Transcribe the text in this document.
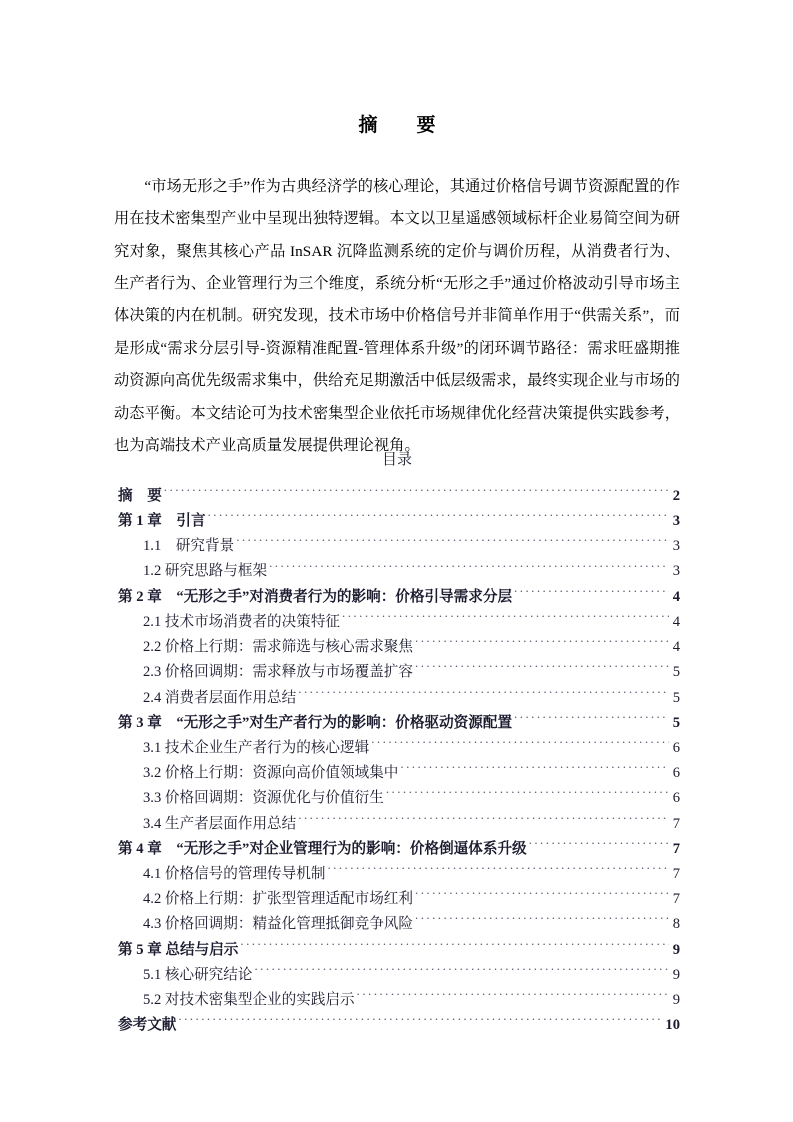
摘　要

“市场无形之手”作为古典经济学的核心理论，其通过价格信号调节资源配置的作用在技术密集型产业中呈现出独特逻辑。本文以卫星遥感领域标杆企业易简空间为研究对象，聚焦其核心产品 InSAR 沉降监测系统的定价与调价历程，从消费者行为、生产者行为、企业管理行为三个维度，系统分析“无形之手”通过价格波动引导市场主体决策的内在机制。研究发现，技术市场中价格信号并非简单作用于“供需关系”，而是形成“需求分层引导-资源精准配置-管理体系升级”的闭环调节路径：需求旺盛期推动资源向高优先级需求集中，供给充足期激活中低层级需求，最终实现企业与市场的动态平衡。本文结论可为技术密集型企业依托市场规律优化经营决策提供实践参考，也为高端技术产业高质量发展提供理论视角。

目录
摘　要 . . .	2
第 1 章　引言 . . .	3
1.1　研究背景 . . .	3
1.2 研究思路与框架 . . .	3
第 2 章　“无形之手”对消费者行为的影响：价格引导需求分层 . . .	4
2.1 技术市场消费者的决策特征 . . .	4
2.2 价格上行期：需求筛选与核心需求聚焦 . . .	4
2.3 价格回调期：需求释放与市场覆盖扩容 . . .	5
2.4 消费者层面作用总结 . . .	5
第 3 章　“无形之手”对生产者行为的影响：价格驱动资源配置 . . .	5
3.1 技术企业生产者行为的核心逻辑 . . .	6
3.2 价格上行期：资源向高价值领域集中 . . .	6
3.3 价格回调期：资源优化与价值衍生 . . .	6
3.4 生产者层面作用总结 . . .	7
第 4 章　“无形之手”对企业管理行为的影响：价格倒逼体系升级 . . .	7
4.1 价格信号的管理传导机制 . . .	7
4.2 价格上行期：扩张型管理适配市场红利 . . .	7
4.3 价格回调期：精益化管理抵御竞争风险 . . .	8
第 5 章 总结与启示 . . .	9
5.1 核心研究结论 . . .	9
5.2 对技术密集型企业的实践启示 . . .	9
参考文献 . . .	10
